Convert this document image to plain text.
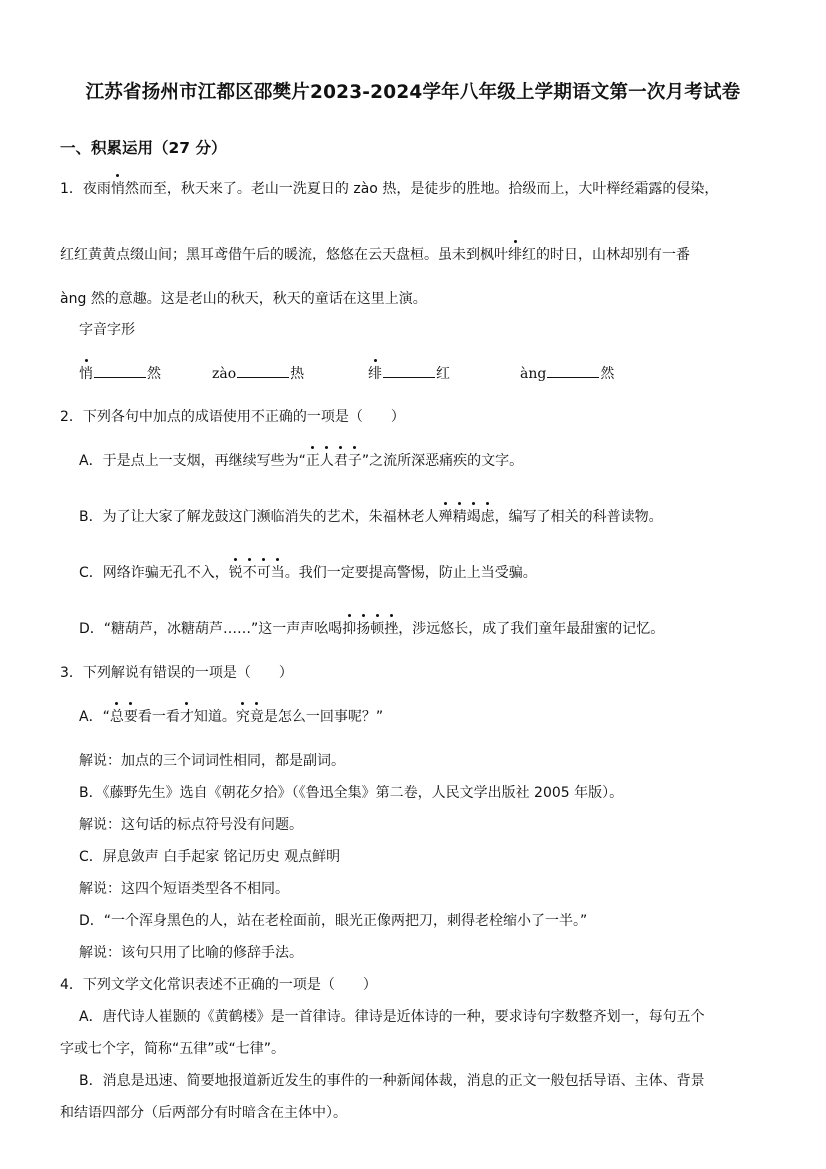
江苏省扬州市江都区邵樊片2023-2024学年八年级上学期语文第一次月考试卷
一、积累运用（27 分）
1．夜雨悄然而至，秋天来了。老山一洗夏日的 zào 热，是徒步的胜地。拾级而上，大叶榉经霜露的侵染，
红红黄黄点缀山间；黑耳鸢借午后的暖流，悠悠在云天盘桓。虽未到枫叶绯红的时日，山林却别有一番
àng 然的意趣。这是老山的秋天，秋天的童话在这里上演。
字音字形
悄	然	zào	热	绯	红	àng	然
2．下列各句中加点的成语使用不正确的一项是（　　）
A．于是点上一支烟，再继续写些为“正人君子”之流所深恶痛疾的文字。
B．为了让大家了解龙鼓这门濒临消失的艺术，朱福林老人殚精竭虑，编写了相关的科普读物。
C．网络诈骗无孔不入，锐不可当。我们一定要提高警惕，防止上当受骗。
D．“糖葫芦，冰糖葫芦……”这一声声吆喝抑扬顿挫，涉远悠长，成了我们童年最甜蜜的记忆。
3．下列解说有错误的一项是（　　）
A．“总要看一看才知道。究竟是怎么一回事呢？”
解说：加点的三个词词性相同，都是副词。
B．《藤野先生》选自《朝花夕拾》（《鲁迅全集》第二卷，人民文学出版社 2005 年版）。
解说：这句话的标点符号没有问题。
C．屏息敛声 白手起家 铭记历史 观点鲜明
解说：这四个短语类型各不相同。
D．“一个浑身黑色的人，站在老栓面前，眼光正像两把刀，刺得老栓缩小了一半。”
解说：该句只用了比喻的修辞手法。
4．下列文学文化常识表述不正确的一项是（　　）
A．唐代诗人崔颢的《黄鹤楼》是一首律诗。律诗是近体诗的一种，要求诗句字数整齐划一，每句五个
字或七个字，简称“五律”或“七律”。
B．消息是迅速、简要地报道新近发生的事件的一种新闻体裁，消息的正文一般包括导语、主体、背景
和结语四部分（后两部分有时暗含在主体中）。
